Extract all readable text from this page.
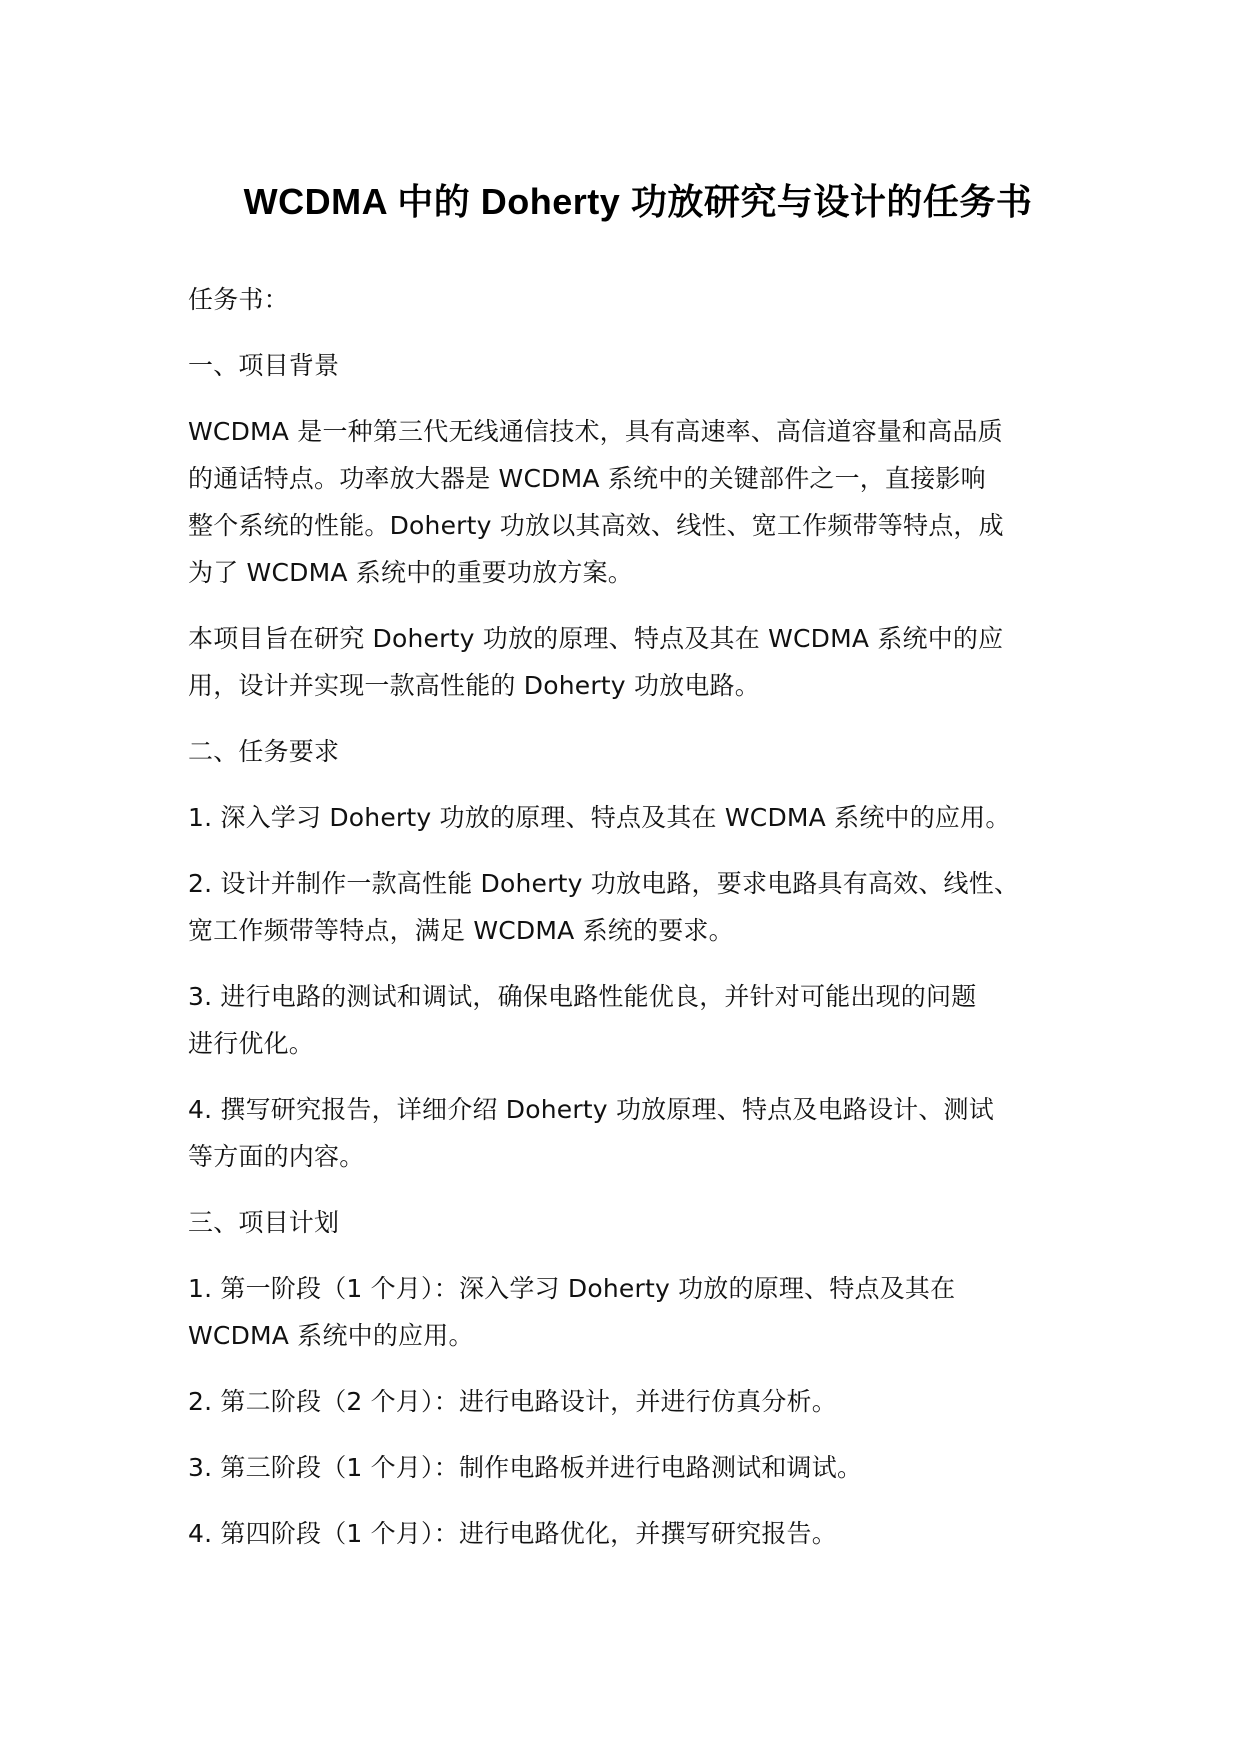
WCDMA 中的 Doherty 功放研究与设计的任务书

任务书：

一、项目背景

WCDMA 是一种第三代无线通信技术，具有高速率、高信道容量和高品质
的通话特点。功率放大器是 WCDMA 系统中的关键部件之一，直接影响
整个系统的性能。Doherty 功放以其高效、线性、宽工作频带等特点，成
为了 WCDMA 系统中的重要功放方案。

本项目旨在研究 Doherty 功放的原理、特点及其在 WCDMA 系统中的应
用，设计并实现一款高性能的 Doherty 功放电路。

二、任务要求

1. 深入学习 Doherty 功放的原理、特点及其在 WCDMA 系统中的应用。

2. 设计并制作一款高性能 Doherty 功放电路，要求电路具有高效、线性、
宽工作频带等特点，满足 WCDMA 系统的要求。

3. 进行电路的测试和调试，确保电路性能优良，并针对可能出现的问题
进行优化。

4. 撰写研究报告，详细介绍 Doherty 功放原理、特点及电路设计、测试
等方面的内容。

三、项目计划

1. 第一阶段（1 个月）：深入学习 Doherty 功放的原理、特点及其在
WCDMA 系统中的应用。

2. 第二阶段（2 个月）：进行电路设计，并进行仿真分析。

3. 第三阶段（1 个月）：制作电路板并进行电路测试和调试。

4. 第四阶段（1 个月）：进行电路优化，并撰写研究报告。
